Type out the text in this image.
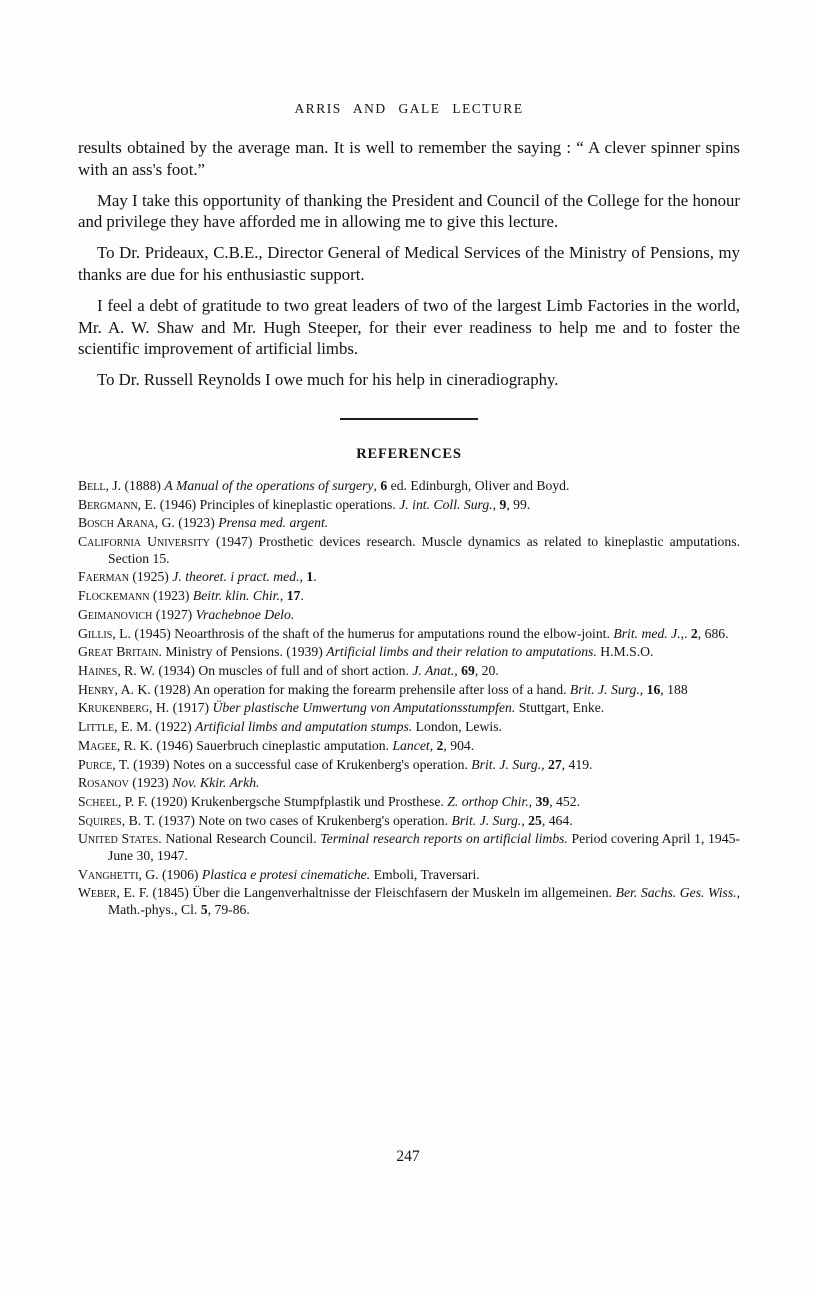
ARRIS AND GALE LECTURE

results obtained by the average man. It is well to remember the saying : “ A clever spinner spins with an ass's foot.”

May I take this opportunity of thanking the President and Council of the College for the honour and privilege they have afforded me in allowing me to give this lecture.

To Dr. Prideaux, C.B.E., Director General of Medical Services of the Ministry of Pensions, my thanks are due for his enthusiastic support.

I feel a debt of gratitude to two great leaders of two of the largest Limb Factories in the world, Mr. A. W. Shaw and Mr. Hugh Steeper, for their ever readiness to help me and to foster the scientific improvement of artificial limbs.

To Dr. Russell Reynolds I owe much for his help in cineradiography.

REFERENCES
Bell, J. (1888) A Manual of the operations of surgery, 6 ed. Edinburgh, Oliver and Boyd.
Bergmann, E. (1946) Principles of kineplastic operations. J. int. Coll. Surg., 9, 99.
Bosch Arana, G. (1923) Prensa med. argent.
California University (1947) Prosthetic devices research. Muscle dynamics as related to kineplastic amputations. Section 15.
Faerman (1925) J. theoret. i pract. med., 1.
Flockemann (1923) Beitr. klin. Chir., 17.
Geimanovich (1927) Vrachebnoe Delo.
Gillis, L. (1945) Neoarthrosis of the shaft of the humerus for amputations round the elbow-joint. Brit. med. J.,. 2, 686.
Great Britain. Ministry of Pensions. (1939) Artificial limbs and their relation to amputations. H.M.S.O.
Haines, R. W. (1934) On muscles of full and of short action. J. Anat., 69, 20.
Henry, A. K. (1928) An operation for making the forearm prehensile after loss of a hand. Brit. J. Surg., 16, 188
Krukenberg, H. (1917) Über plastische Umwertung von Amputationsstumpfen. Stuttgart, Enke.
Little, E. M. (1922) Artificial limbs and amputation stumps. London, Lewis.
Magee, R. K. (1946) Sauerbruch cineplastic amputation. Lancet, 2, 904.
Purce, T. (1939) Notes on a successful case of Krukenberg's operation. Brit. J. Surg., 27, 419.
Rosanov (1923) Nov. Kkir. Arkh.
Scheel, P. F. (1920) Krukenbergsche Stumpfplastik und Prosthese. Z. orthop Chir., 39, 452.
Squires, B. T. (1937) Note on two cases of Krukenberg's operation. Brit. J. Surg., 25, 464.
United States. National Research Council. Terminal research reports on artificial limbs. Period covering April 1, 1945-June 30, 1947.
Vanghetti, G. (1906) Plastica e protesi cinematiche. Emboli, Traversari.
Weber, E. F. (1845) Über die Langenverhaltnisse der Fleischfasern der Muskeln im allgemeinen. Ber. Sachs. Ges. Wiss., Math.-phys., Cl. 5, 79-86.
247
